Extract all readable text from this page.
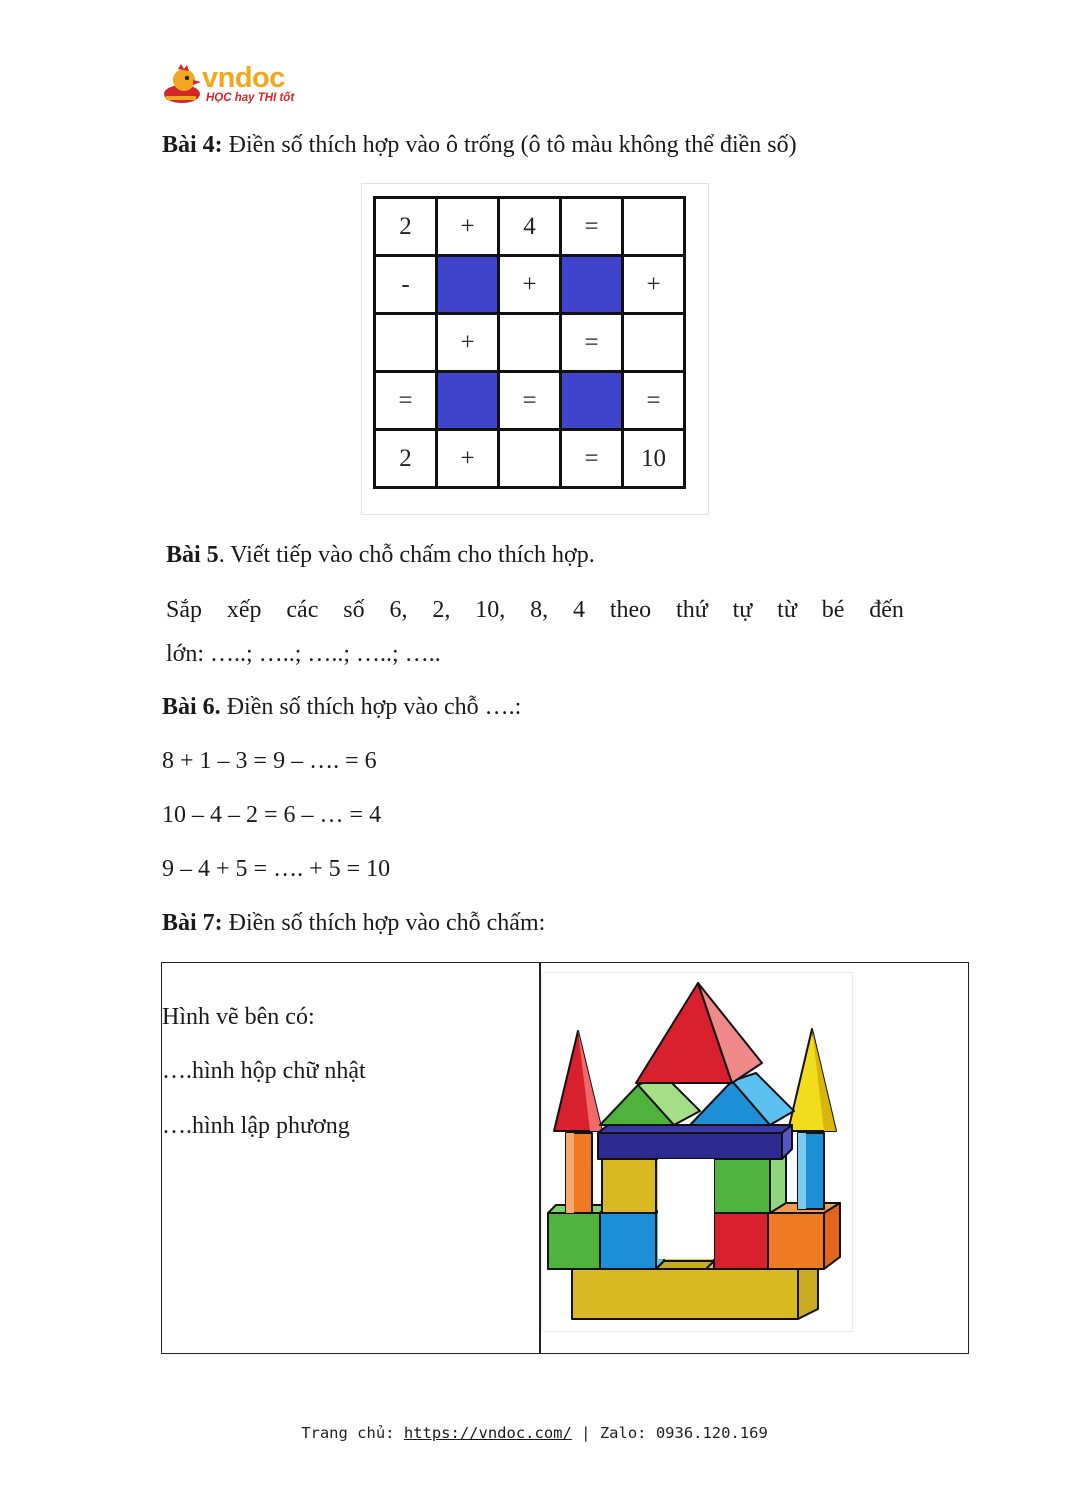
vndoc
HỌC hay THI tốt
Bài 4: Điền số thích hợp vào ô trống (ô tô màu không thể điền số)
2	+	4	=	
-		+		+
	+		=	
=		=		=
2	+		=	10
Bài 5. Viết tiếp vào chỗ chấm cho thích hợp.
Sắp xếp các số 6, 2, 10, 8, 4 theo thứ tự từ bé đến
lớn: …..; …..; …..; …..; …..
Bài 6. Điền số thích hợp vào chỗ ….:
8 + 1 – 3 = 9 – …. = 6
10 – 4 – 2 = 6 – … = 4
9 – 4 + 5 = …. + 5 = 10
Bài 7: Điền số thích hợp vào chỗ chấm:
Hình vẽ bên có:
….hình hộp chữ nhật
….hình lập phương
Trang chủ: https://vndoc.com/ | Zalo: 0936.120.169
